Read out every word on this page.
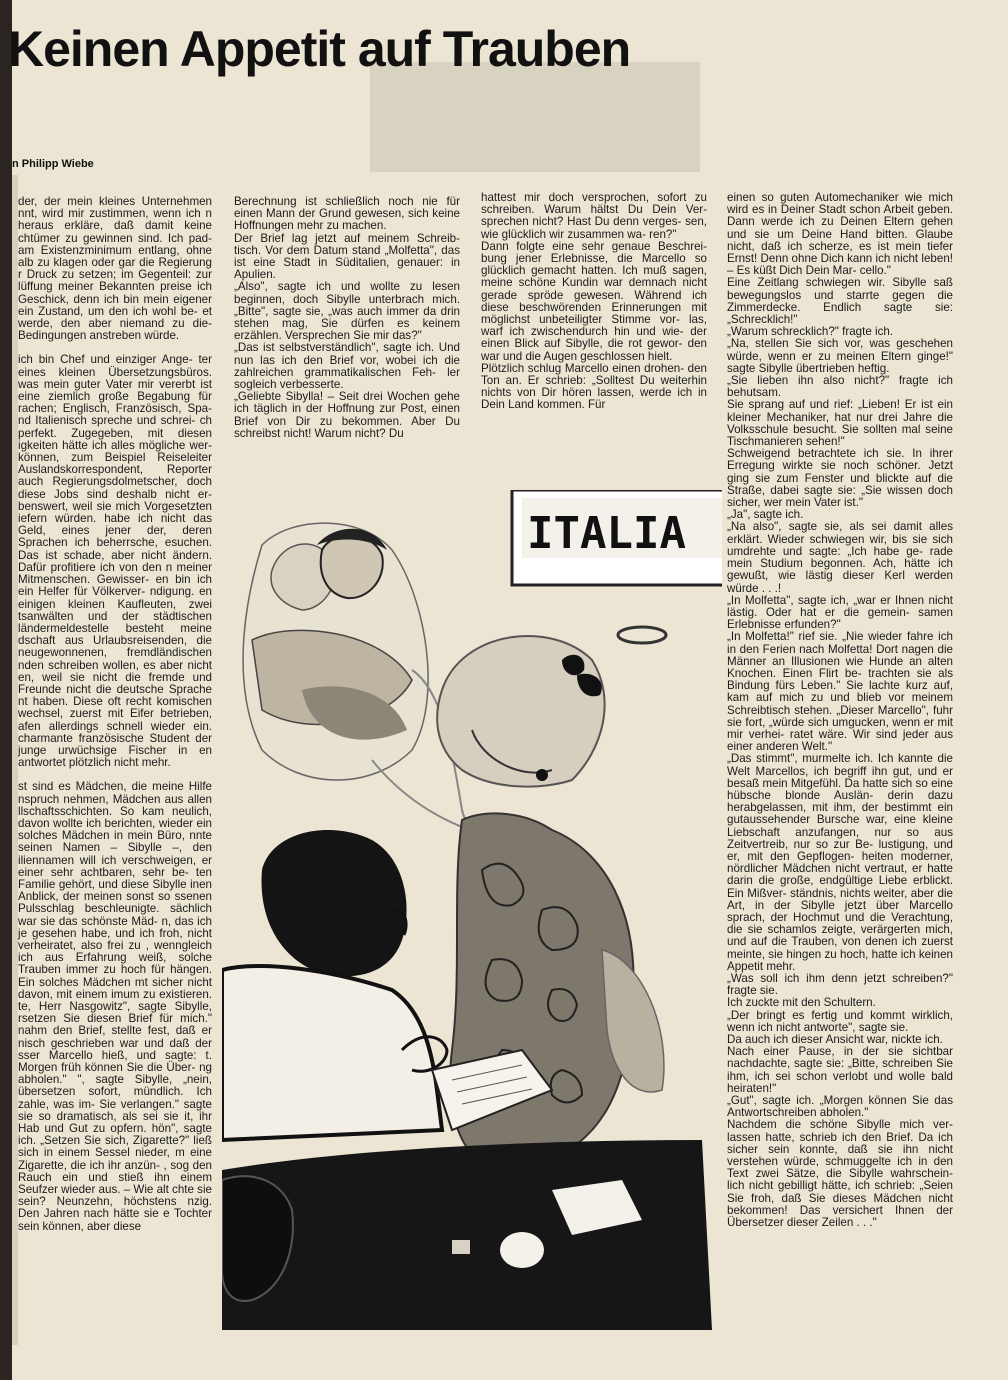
Keinen Appetit auf Trauben
n Philipp Wiebe

der, der mein kleines Unternehmen nnt, wird mir zustimmen, wenn ich n heraus erkläre, daß damit keine chtümer zu gewinnen sind. Ich pad- am Existenzminimum entlang, ohne alb zu klagen oder gar die Regierung r Druck zu setzen; im Gegenteil: zur lüffung meiner Bekannten preise ich Geschick, denn ich bin mein eigener ein Zustand, um den ich wohl be- et werde, den aber niemand zu die- Bedingungen anstreben würde.

ich bin Chef und einziger Ange- ter eines kleinen Übersetzungsbüros. was mein guter Vater mir vererbt ist eine ziemlich große Begabung für rachen; Englisch, Französisch, Spa- nd Italienisch spreche und schrei- ch perfekt. Zugegeben, mit diesen igkeiten hätte ich alles mögliche wer- können, zum Beispiel Reiseleiter Auslandskorrespondent, Reporter auch Regierungsdolmetscher, doch diese Jobs sind deshalb nicht er- benswert, weil sie mich Vorgesetzten iefern würden. habe ich nicht das Geld, eines jener der, deren Sprachen ich beherrsche, esuchen. Das ist schade, aber nicht ändern. Dafür profitiere ich von den n meiner Mitmenschen. Gewisser- en bin ich ein Helfer für Völkerver- ndigung. en einigen kleinen Kaufleuten, zwei tsanwälten und der städtischen ländermeldestelle besteht meine dschaft aus Urlaubsreisenden, die neugewonnenen, fremdländischen nden schreiben wollen, es aber nicht en, weil sie nicht die fremde und Freunde nicht die deutsche Sprache nt haben. Diese oft recht komischen wechsel, zuerst mit Eifer betrieben, afen allerdings schnell wieder ein. charmante französische Student der junge urwüchsige Fischer in en antwortet plötzlich nicht mehr.

st sind es Mädchen, die meine Hilfe nspruch nehmen, Mädchen aus allen llschaftsschichten. So kam neulich, davon wollte ich berichten, wieder ein solches Mädchen in mein Büro, nnte seinen Namen – Sibylle –, den iliennamen will ich verschweigen, er einer sehr achtbaren, sehr be- ten Familie gehört, und diese Sibylle inen Anblick, der meinen sonst so ssenen Pulsschlag beschleunigte. sächlich war sie das schönste Mäd- n, das ich je gesehen habe, und ich froh, nicht verheiratet, also frei zu , wenngleich ich aus Erfahrung weiß, solche Trauben immer zu hoch für hängen. Ein solches Mädchen mt sicher nicht davon, mit einem imum zu existieren. te, Herr Nasgowitz", sagte Sibylle, rsetzen Sie diesen Brief für mich." nahm den Brief, stellte fest, daß er nisch geschrieben war und daß der sser Marcello hieß, und sagte: t. Morgen früh können Sie die Über- ng abholen." ", sagte Sibylle, „nein, übersetzen sofort, mündlich. Ich zahle, was im- Sie verlangen." sagte sie so dramatisch, als sei sie it, ihr Hab und Gut zu opfern. hön", sagte ich. „Setzen Sie sich, Zigarette?" ließ sich in einem Sessel nieder, m eine Zigarette, die ich ihr anzün- , sog den Rauch ein und stieß ihn einem Seufzer wieder aus. – Wie alt chte sie sein? Neunzehn, höchstens nzig. Den Jahren nach hätte sie e Tochter sein können, aber diese

Berechnung ist schließlich noch nie für einen Mann der Grund gewesen, sich keine Hoffnungen mehr zu machen.

Der Brief lag jetzt auf meinem Schreib- tisch. Vor dem Datum stand „Molfetta", das ist eine Stadt in Süditalien, genauer: in Apulien.

„Also", sagte ich und wollte zu lesen beginnen, doch Sibylle unterbrach mich. „Bitte", sagte sie, „was auch immer da drin stehen mag, Sie dürfen es keinem erzählen. Versprechen Sie mir das?"

„Das ist selbstverständlich", sagte ich. Und nun las ich den Brief vor, wobei ich die zahlreichen grammatikalischen Feh- ler sogleich verbesserte.

„Geliebte Sibylla! – Seit drei Wochen gehe ich täglich in der Hoffnung zur Post, einen Brief von Dir zu bekommen. Aber Du schreibst nicht! Warum nicht? Du

hattest mir doch versprochen, sofort zu schreiben. Warum hältst Du Dein Ver- sprechen nicht? Hast Du denn verges- sen, wie glücklich wir zusammen wa- ren?"

Dann folgte eine sehr genaue Beschrei- bung jener Erlebnisse, die Marcello so glücklich gemacht hatten. Ich muß sagen, meine schöne Kundin war demnach nicht gerade spröde gewesen. Während ich diese beschwörenden Erinnerungen mit möglichst unbeteiligter Stimme vor- las, warf ich zwischendurch hin und wie- der einen Blick auf Sibylle, die rot gewor- den war und die Augen geschlossen hielt.

Plötzlich schlug Marcello einen drohen- den Ton an. Er schrieb: „Solltest Du weiterhin nichts von Dir hören lassen, werde ich in Dein Land kommen. Für

einen so guten Automechaniker wie mich wird es in Deiner Stadt schon Arbeit geben. Dann werde ich zu Deinen Eltern gehen und sie um Deine Hand bitten. Glaube nicht, daß ich scherze, es ist mein tiefer Ernst! Denn ohne Dich kann ich nicht leben! – Es küßt Dich Dein Mar- cello."

Eine Zeitlang schwiegen wir. Sibylle saß bewegungslos und starrte gegen die Zimmerdecke. Endlich sagte sie: „Schrecklich!"

„Warum schrecklich?" fragte ich.

„Na, stellen Sie sich vor, was geschehen würde, wenn er zu meinen Eltern ginge!" sagte Sibylle übertrieben heftig.

„Sie lieben ihn also nicht?" fragte ich behutsam.

Sie sprang auf und rief: „Lieben! Er ist ein kleiner Mechaniker, hat nur drei Jahre die Volksschule besucht. Sie sollten mal seine Tischmanieren sehen!"

Schweigend betrachtete ich sie. In ihrer Erregung wirkte sie noch schöner. Jetzt ging sie zum Fenster und blickte auf die Straße, dabei sagte sie: „Sie wissen doch sicher, wer mein Vater ist."

„Ja", sagte ich.

„Na also", sagte sie, als sei damit alles erklärt. Wieder schwiegen wir, bis sie sich umdrehte und sagte: „Ich habe ge- rade mein Studium begonnen. Ach, hätte ich gewußt, wie lästig dieser Kerl werden würde . . .!

„In Molfetta", sagte ich, „war er Ihnen nicht lästig. Oder hat er die gemein- samen Erlebnisse erfunden?"

„In Molfetta!" rief sie. „Nie wieder fahre ich in den Ferien nach Molfetta! Dort nagen die Männer an Illusionen wie Hunde an alten Knochen. Einen Flirt be- trachten sie als Bindung fürs Leben." Sie lachte kurz auf, kam auf mich zu und blieb vor meinem Schreibtisch stehen. „Dieser Marcello", fuhr sie fort, „würde sich umgucken, wenn er mit mir verhei- ratet wäre. Wir sind jeder aus einer anderen Welt."

„Das stimmt", murmelte ich. Ich kannte die Welt Marcellos, ich begriff ihn gut, und er besaß mein Mitgefühl. Da hatte sich so eine hübsche blonde Auslän- derin dazu herabgelassen, mit ihm, der bestimmt ein gutaussehender Bursche war, eine kleine Liebschaft anzufangen, nur so aus Zeitvertreib, nur so zur Be- lustigung, und er, mit den Gepflogen- heiten moderner, nördlicher Mädchen nicht vertraut, er hatte darin die große, endgültige Liebe erblickt. Ein Mißver- ständnis, nichts weiter, aber die Art, in der Sibylle jetzt über Marcello sprach, der Hochmut und die Verachtung, die sie schamlos zeigte, verärgerten mich, und auf die Trauben, von denen ich zuerst meinte, sie hingen zu hoch, hatte ich keinen Appetit mehr.

„Was soll ich ihm denn jetzt schreiben?" fragte sie.

Ich zuckte mit den Schultern.

„Der bringt es fertig und kommt wirklich, wenn ich nicht antworte", sagte sie.

Da auch ich dieser Ansicht war, nickte ich.

Nach einer Pause, in der sie sichtbar nachdachte, sagte sie: „Bitte, schreiben Sie ihm, ich sei schon verlobt und wolle bald heiraten!"

„Gut", sagte ich. „Morgen können Sie das Antwortschreiben abholen."

Nachdem die schöne Sibylle mich ver- lassen hatte, schrieb ich den Brief. Da ich sicher sein konnte, daß sie ihn nicht verstehen würde, schmuggelte ich in den Text zwei Sätze, die Sibylle wahrschein- lich nicht gebilligt hätte, ich schrieb: „Seien Sie froh, daß Sie dieses Mädchen nicht bekommen! Das versichert Ihnen der Übersetzer dieser Zeilen . . ."

ITALIA
